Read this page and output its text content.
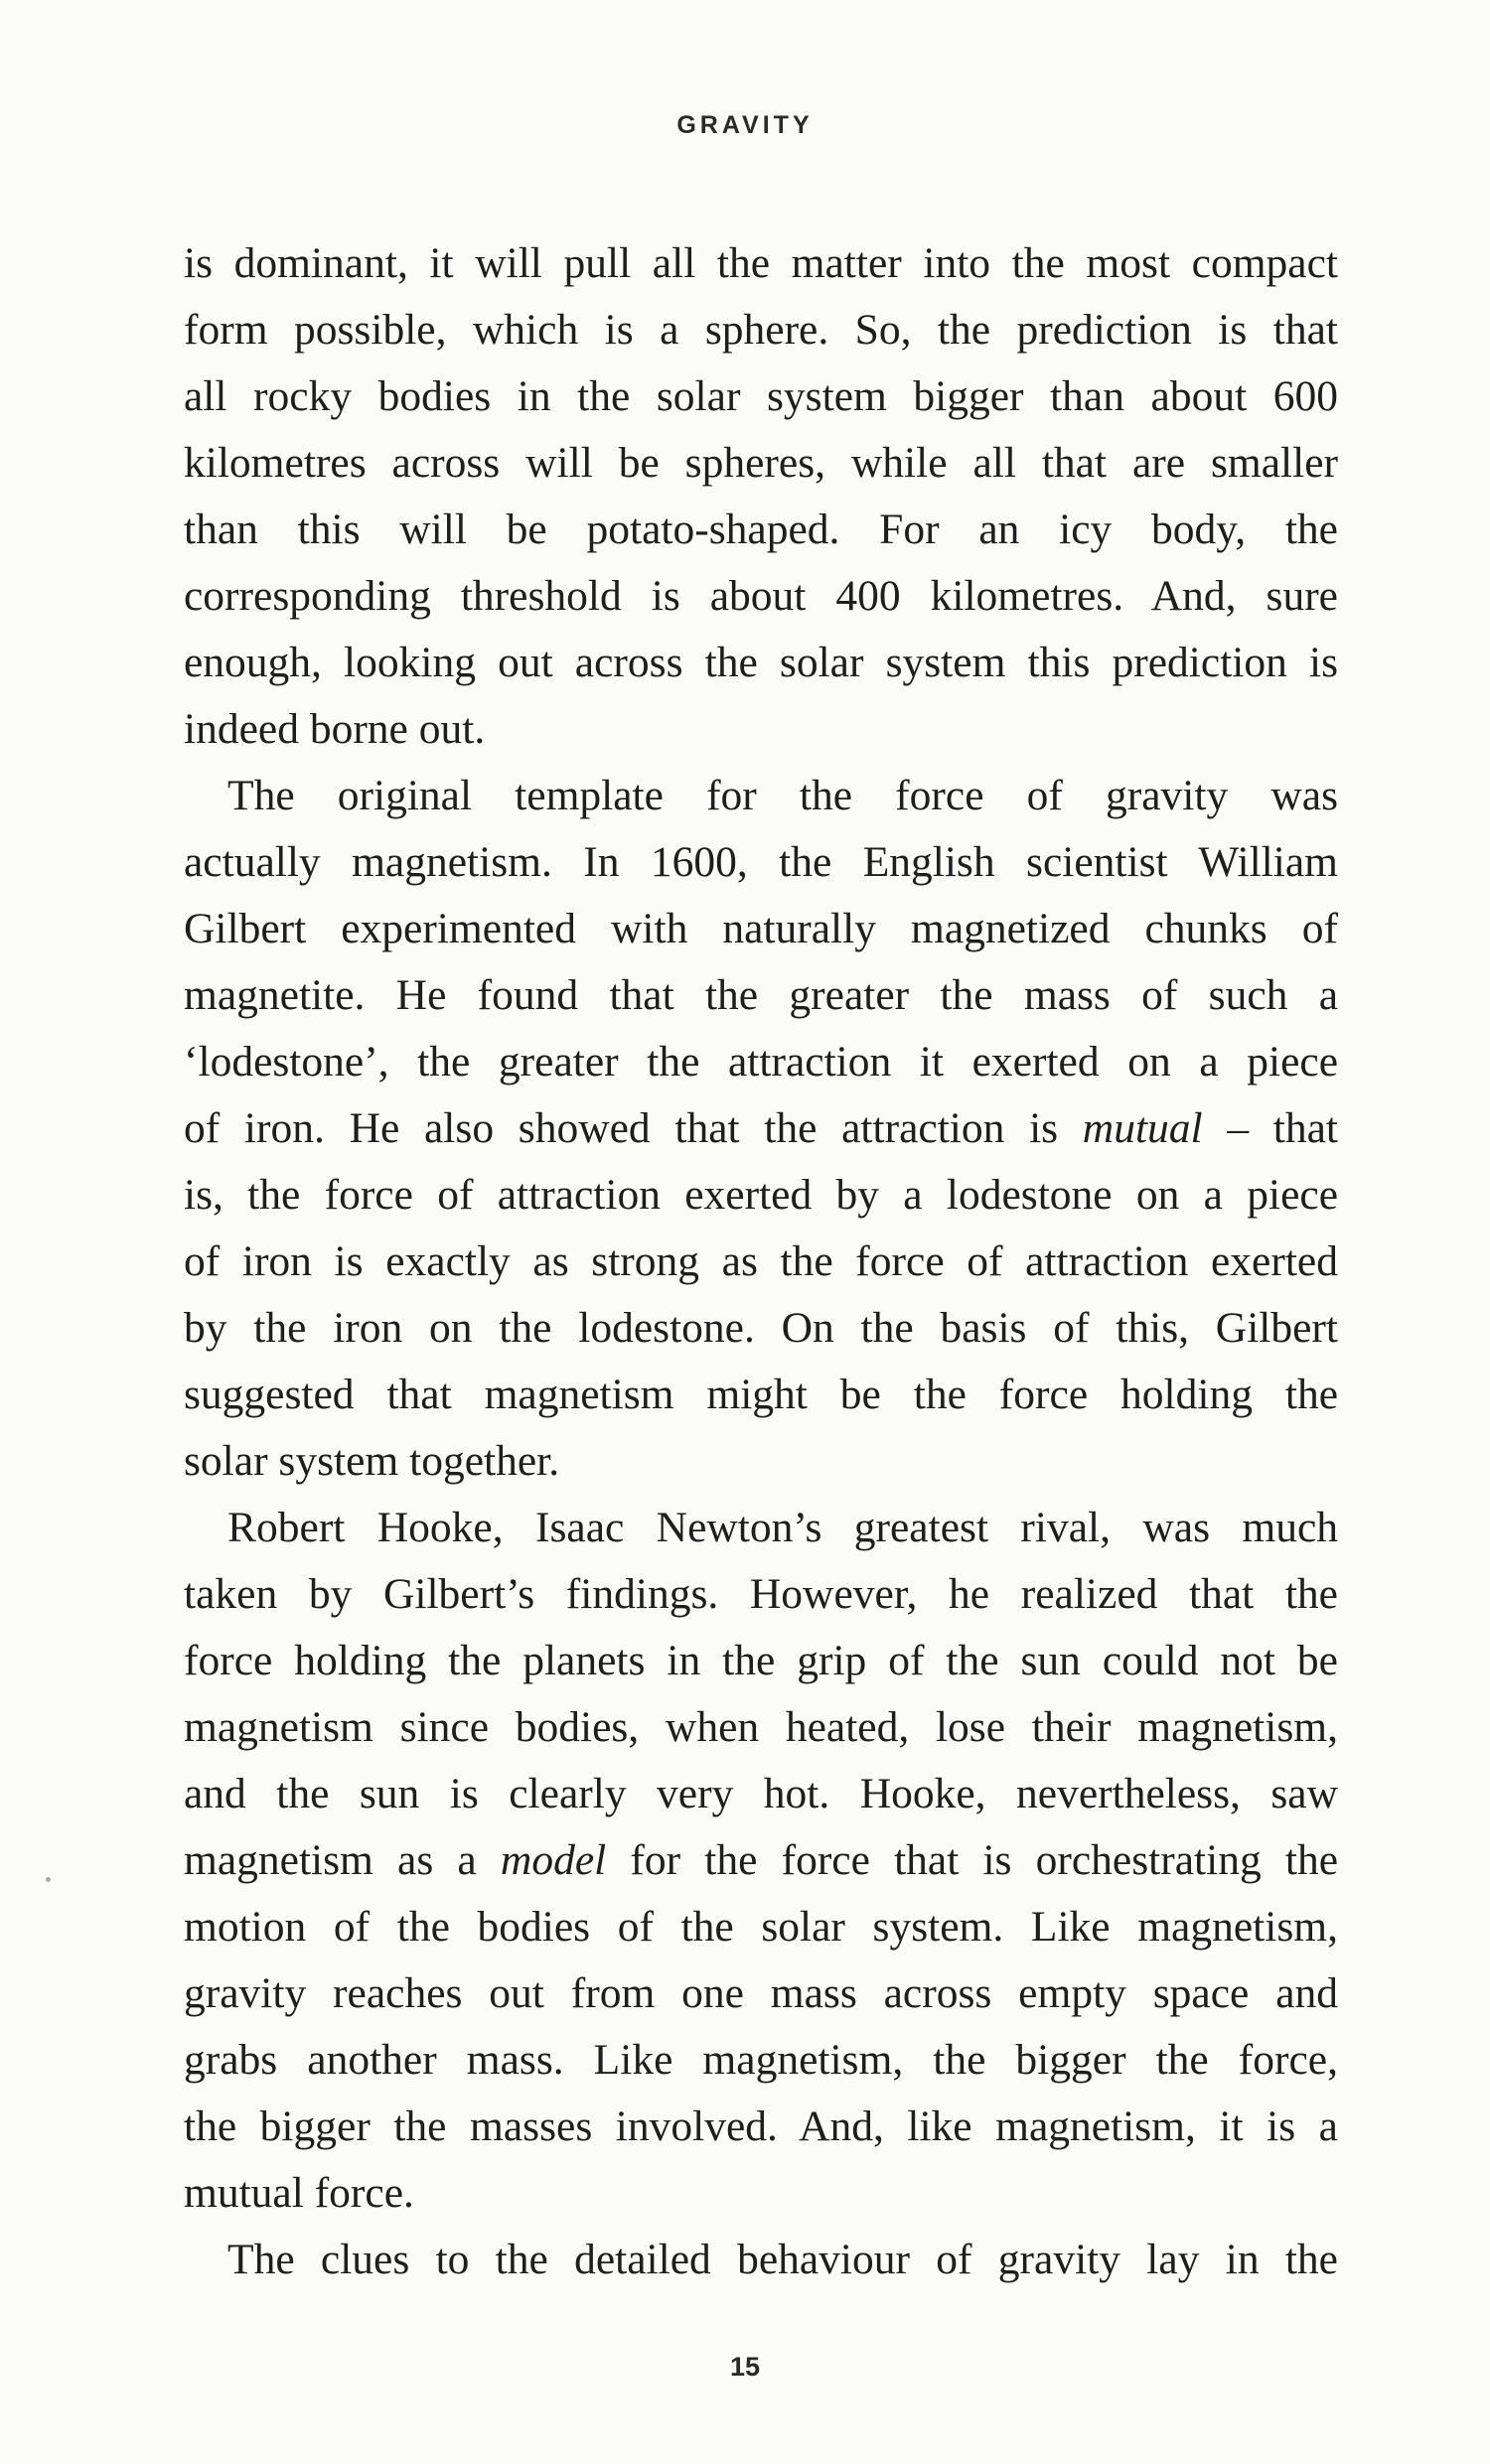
GRAVITY
is dominant, it will pull all the matter into the most compact
form possible, which is a sphere. So, the prediction is that
all rocky bodies in the solar system bigger than about 600
kilometres across will be spheres, while all that are smaller
than this will be potato-shaped. For an icy body, the
corresponding threshold is about 400 kilometres. And, sure
enough, looking out across the solar system this prediction is
indeed borne out.
The original template for the force of gravity was
actually magnetism. In 1600, the English scientist William
Gilbert experimented with naturally magnetized chunks of
magnetite. He found that the greater the mass of such a
‘lodestone’, the greater the attraction it exerted on a piece
of iron. He also showed that the attraction is mutual – that
is, the force of attraction exerted by a lodestone on a piece
of iron is exactly as strong as the force of attraction exerted
by the iron on the lodestone. On the basis of this, Gilbert
suggested that magnetism might be the force holding the
solar system together.
Robert Hooke, Isaac Newton’s greatest rival, was much
taken by Gilbert’s findings. However, he realized that the
force holding the planets in the grip of the sun could not be
magnetism since bodies, when heated, lose their magnetism,
and the sun is clearly very hot. Hooke, nevertheless, saw
magnetism as a model for the force that is orchestrating the
motion of the bodies of the solar system. Like magnetism,
gravity reaches out from one mass across empty space and
grabs another mass. Like magnetism, the bigger the force,
the bigger the masses involved. And, like magnetism, it is a
mutual force.
The clues to the detailed behaviour of gravity lay in the
15
